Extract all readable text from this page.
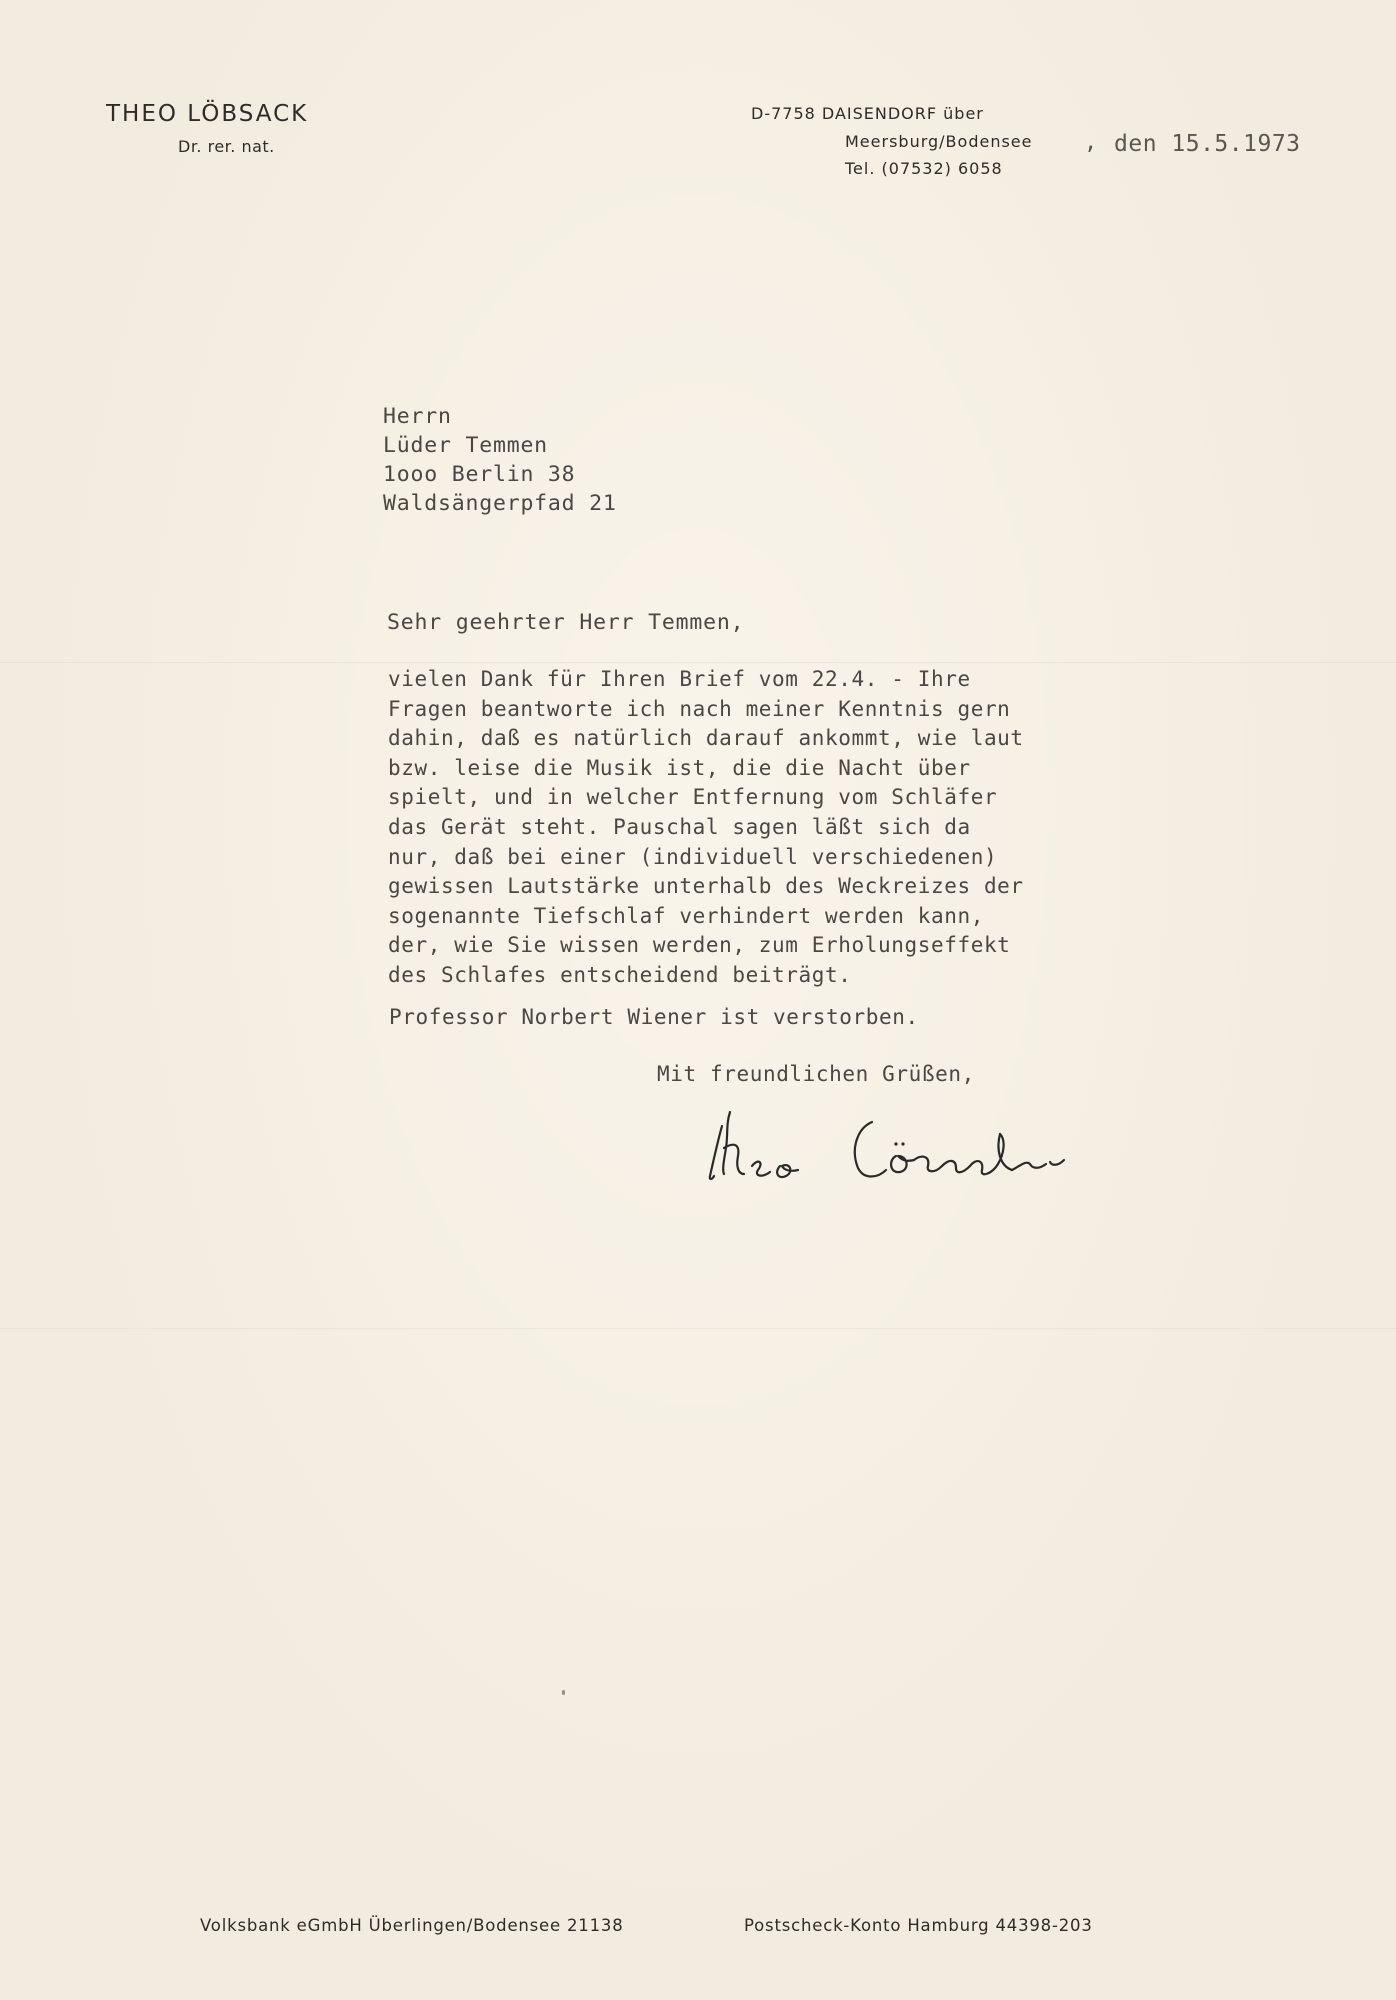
THEO LÖBSACK
Dr. rer. nat.
D-7758 DAISENDORF über
Meersburg/Bodensee
Tel. (07532) 6058
, den 15.5.1973
Herrn
Lüder Temmen
1ooo Berlin 38
Waldsängerpfad 21
Sehr geehrter Herr Temmen,
vielen Dank für Ihren Brief vom 22.4. - Ihre
Fragen beantworte ich nach meiner Kenntnis gern
dahin, daß es natürlich darauf ankommt, wie laut
bzw. leise die Musik ist, die die Nacht über
spielt, und in welcher Entfernung vom Schläfer
das Gerät steht. Pauschal sagen läßt sich da
nur, daß bei einer (individuell verschiedenen)
gewissen Lautstärke unterhalb des Weckreizes der
sogenannte Tiefschlaf verhindert werden kann,
der, wie Sie wissen werden, zum Erholungseffekt
des Schlafes entscheidend beiträgt.
Professor Norbert Wiener ist verstorben.
Mit freundlichen Grüßen,
Volksbank eGmbH Überlingen/Bodensee 21138	Postscheck-Konto Hamburg 44398-203
